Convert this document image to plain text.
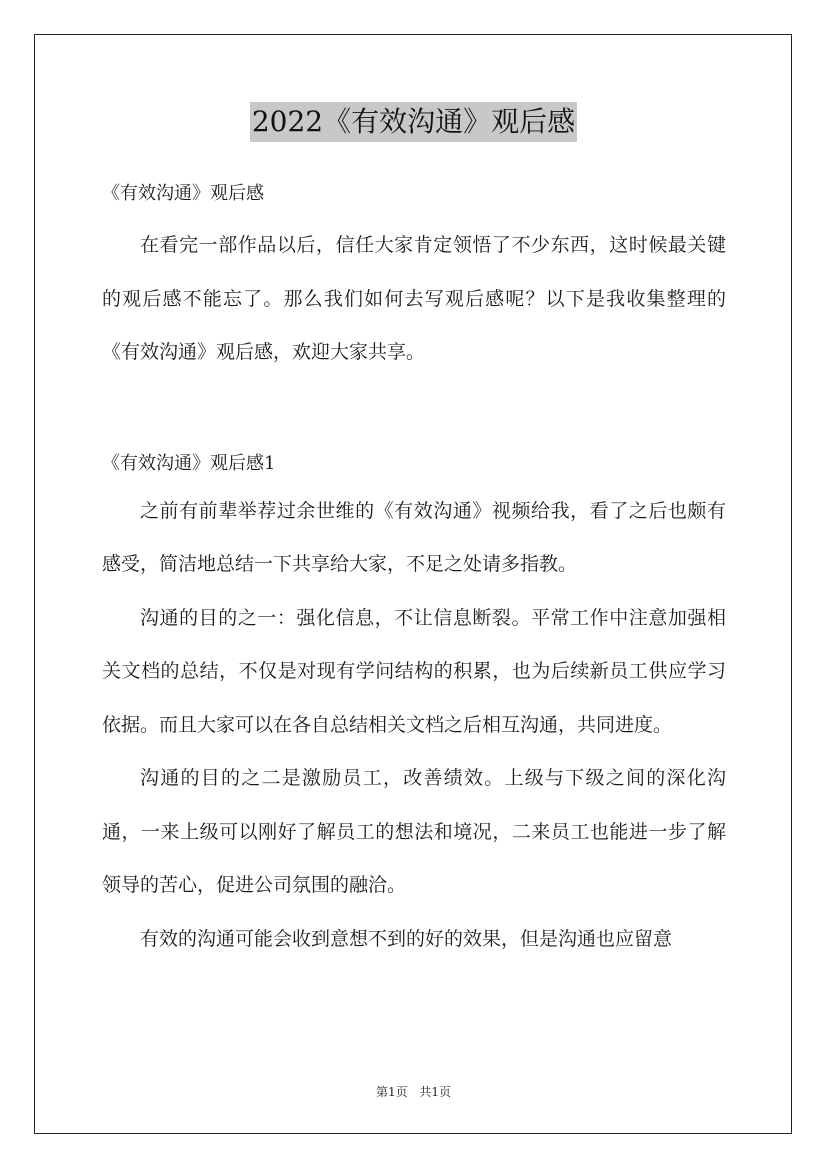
2022《有效沟通》观后感
《有效沟通》观后感

在看完一部作品以后，信任大家肯定领悟了不少东西，这时候最关键的观后感不能忘了。那么我们如何去写观后感呢？以下是我收集整理的《有效沟通》观后感，欢迎大家共享。

《有效沟通》观后感1

之前有前辈举荐过余世维的《有效沟通》视频给我，看了之后也颇有感受，简洁地总结一下共享给大家，不足之处请多指教。

沟通的目的之一：强化信息，不让信息断裂。平常工作中注意加强相关文档的总结，不仅是对现有学问结构的积累，也为后续新员工供应学习依据。而且大家可以在各自总结相关文档之后相互沟通，共同进度。

沟通的目的之二是激励员工，改善绩效。上级与下级之间的深化沟通，一来上级可以刚好了解员工的想法和境况，二来员工也能进一步了解领导的苦心，促进公司氛围的融洽。

有效的沟通可能会收到意想不到的好的效果，但是沟通也应留意

第1页 共1页
